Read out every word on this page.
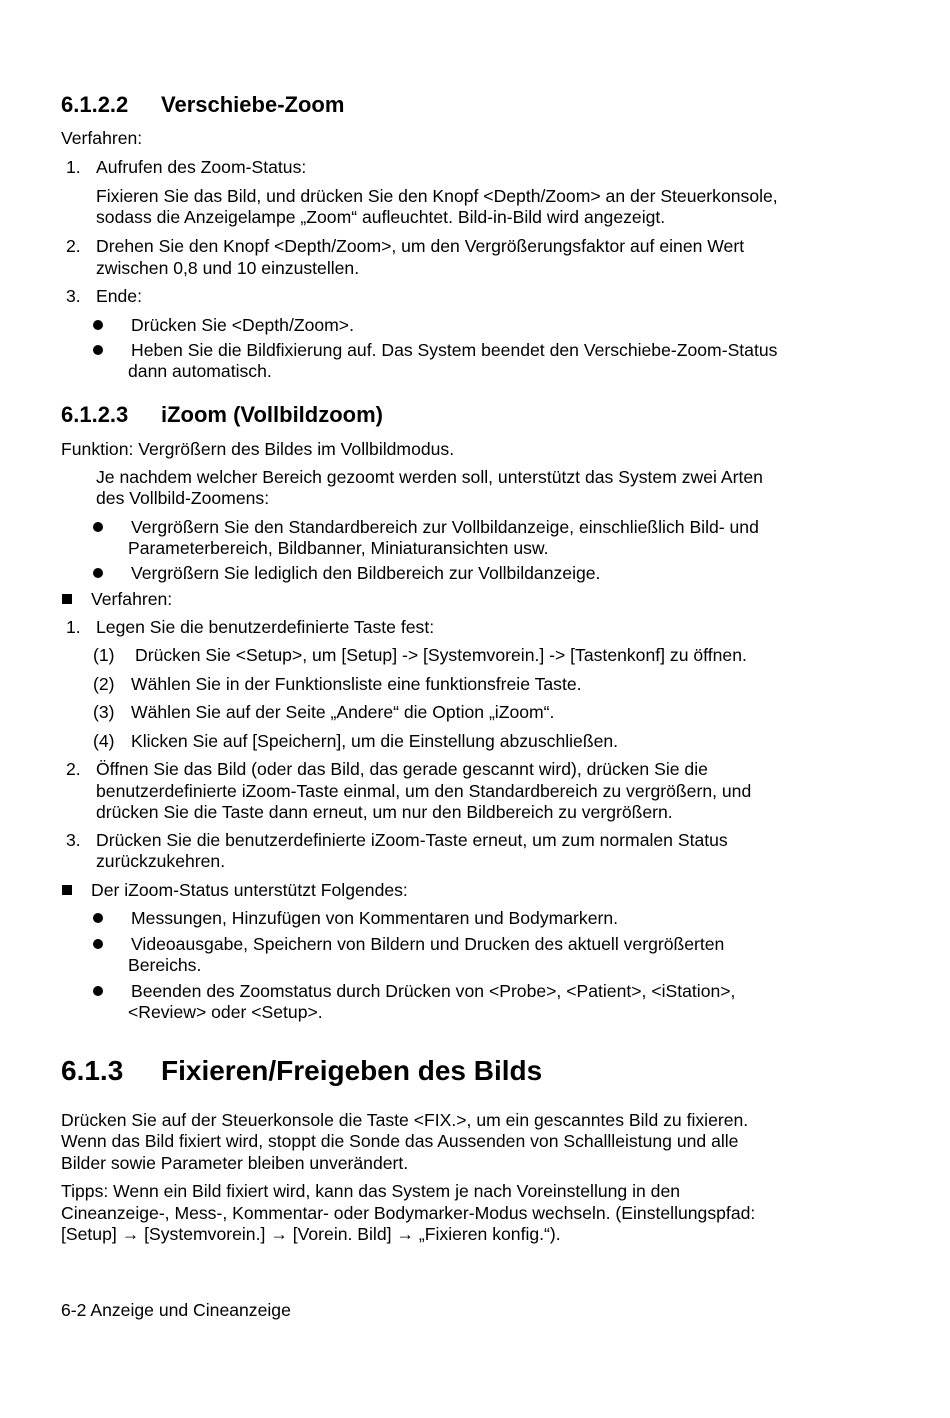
6.1.2.2 Verschiebe-Zoom
Verfahren:
1. Aufrufen des Zoom-Status:
Fixieren Sie das Bild, und drücken Sie den Knopf <Depth/Zoom> an der Steuerkonsole,
sodass die Anzeigelampe „Zoom“ aufleuchtet. Bild-in-Bild wird angezeigt.
2. Drehen Sie den Knopf <Depth/Zoom>, um den Vergrößerungsfaktor auf einen Wert
zwischen 0,8 und 10 einzustellen.
3. Ende:
Drücken Sie <Depth/Zoom>.
Heben Sie die Bildfixierung auf. Das System beendet den Verschiebe-Zoom-Status
dann automatisch.
6.1.2.3 iZoom (Vollbildzoom)
Funktion: Vergrößern des Bildes im Vollbildmodus.
Je nachdem welcher Bereich gezoomt werden soll, unterstützt das System zwei Arten
des Vollbild-Zoomens:
Vergrößern Sie den Standardbereich zur Vollbildanzeige, einschließlich Bild- und
Parameterbereich, Bildbanner, Miniaturansichten usw.
Vergrößern Sie lediglich den Bildbereich zur Vollbildanzeige.
Verfahren:
1. Legen Sie die benutzerdefinierte Taste fest:
(1) Drücken Sie <Setup>, um [Setup] -> [Systemvorein.] -> [Tastenkonf] zu öffnen.
(2) Wählen Sie in der Funktionsliste eine funktionsfreie Taste.
(3) Wählen Sie auf der Seite „Andere“ die Option „iZoom“.
(4) Klicken Sie auf [Speichern], um die Einstellung abzuschließen.
2. Öffnen Sie das Bild (oder das Bild, das gerade gescannt wird), drücken Sie die
benutzerdefinierte iZoom-Taste einmal, um den Standardbereich zu vergrößern, und
drücken Sie die Taste dann erneut, um nur den Bildbereich zu vergrößern.
3. Drücken Sie die benutzerdefinierte iZoom-Taste erneut, um zum normalen Status
zurückzukehren.
Der iZoom-Status unterstützt Folgendes:
Messungen, Hinzufügen von Kommentaren und Bodymarkern.
Videoausgabe, Speichern von Bildern und Drucken des aktuell vergrößerten
Bereichs.
Beenden des Zoomstatus durch Drücken von <Probe>, <Patient>, <iStation>,
<Review> oder <Setup>.
6.1.3 Fixieren/Freigeben des Bilds
Drücken Sie auf der Steuerkonsole die Taste <FIX.>, um ein gescanntes Bild zu fixieren.
Wenn das Bild fixiert wird, stoppt die Sonde das Aussenden von Schallleistung und alle
Bilder sowie Parameter bleiben unverändert.
Tipps: Wenn ein Bild fixiert wird, kann das System je nach Voreinstellung in den
Cineanzeige-, Mess-, Kommentar- oder Bodymarker-Modus wechseln. (Einstellungspfad:
[Setup] → [Systemvorein.] → [Vorein. Bild] → „Fixieren konfig.“).
6-2 Anzeige und Cineanzeige
